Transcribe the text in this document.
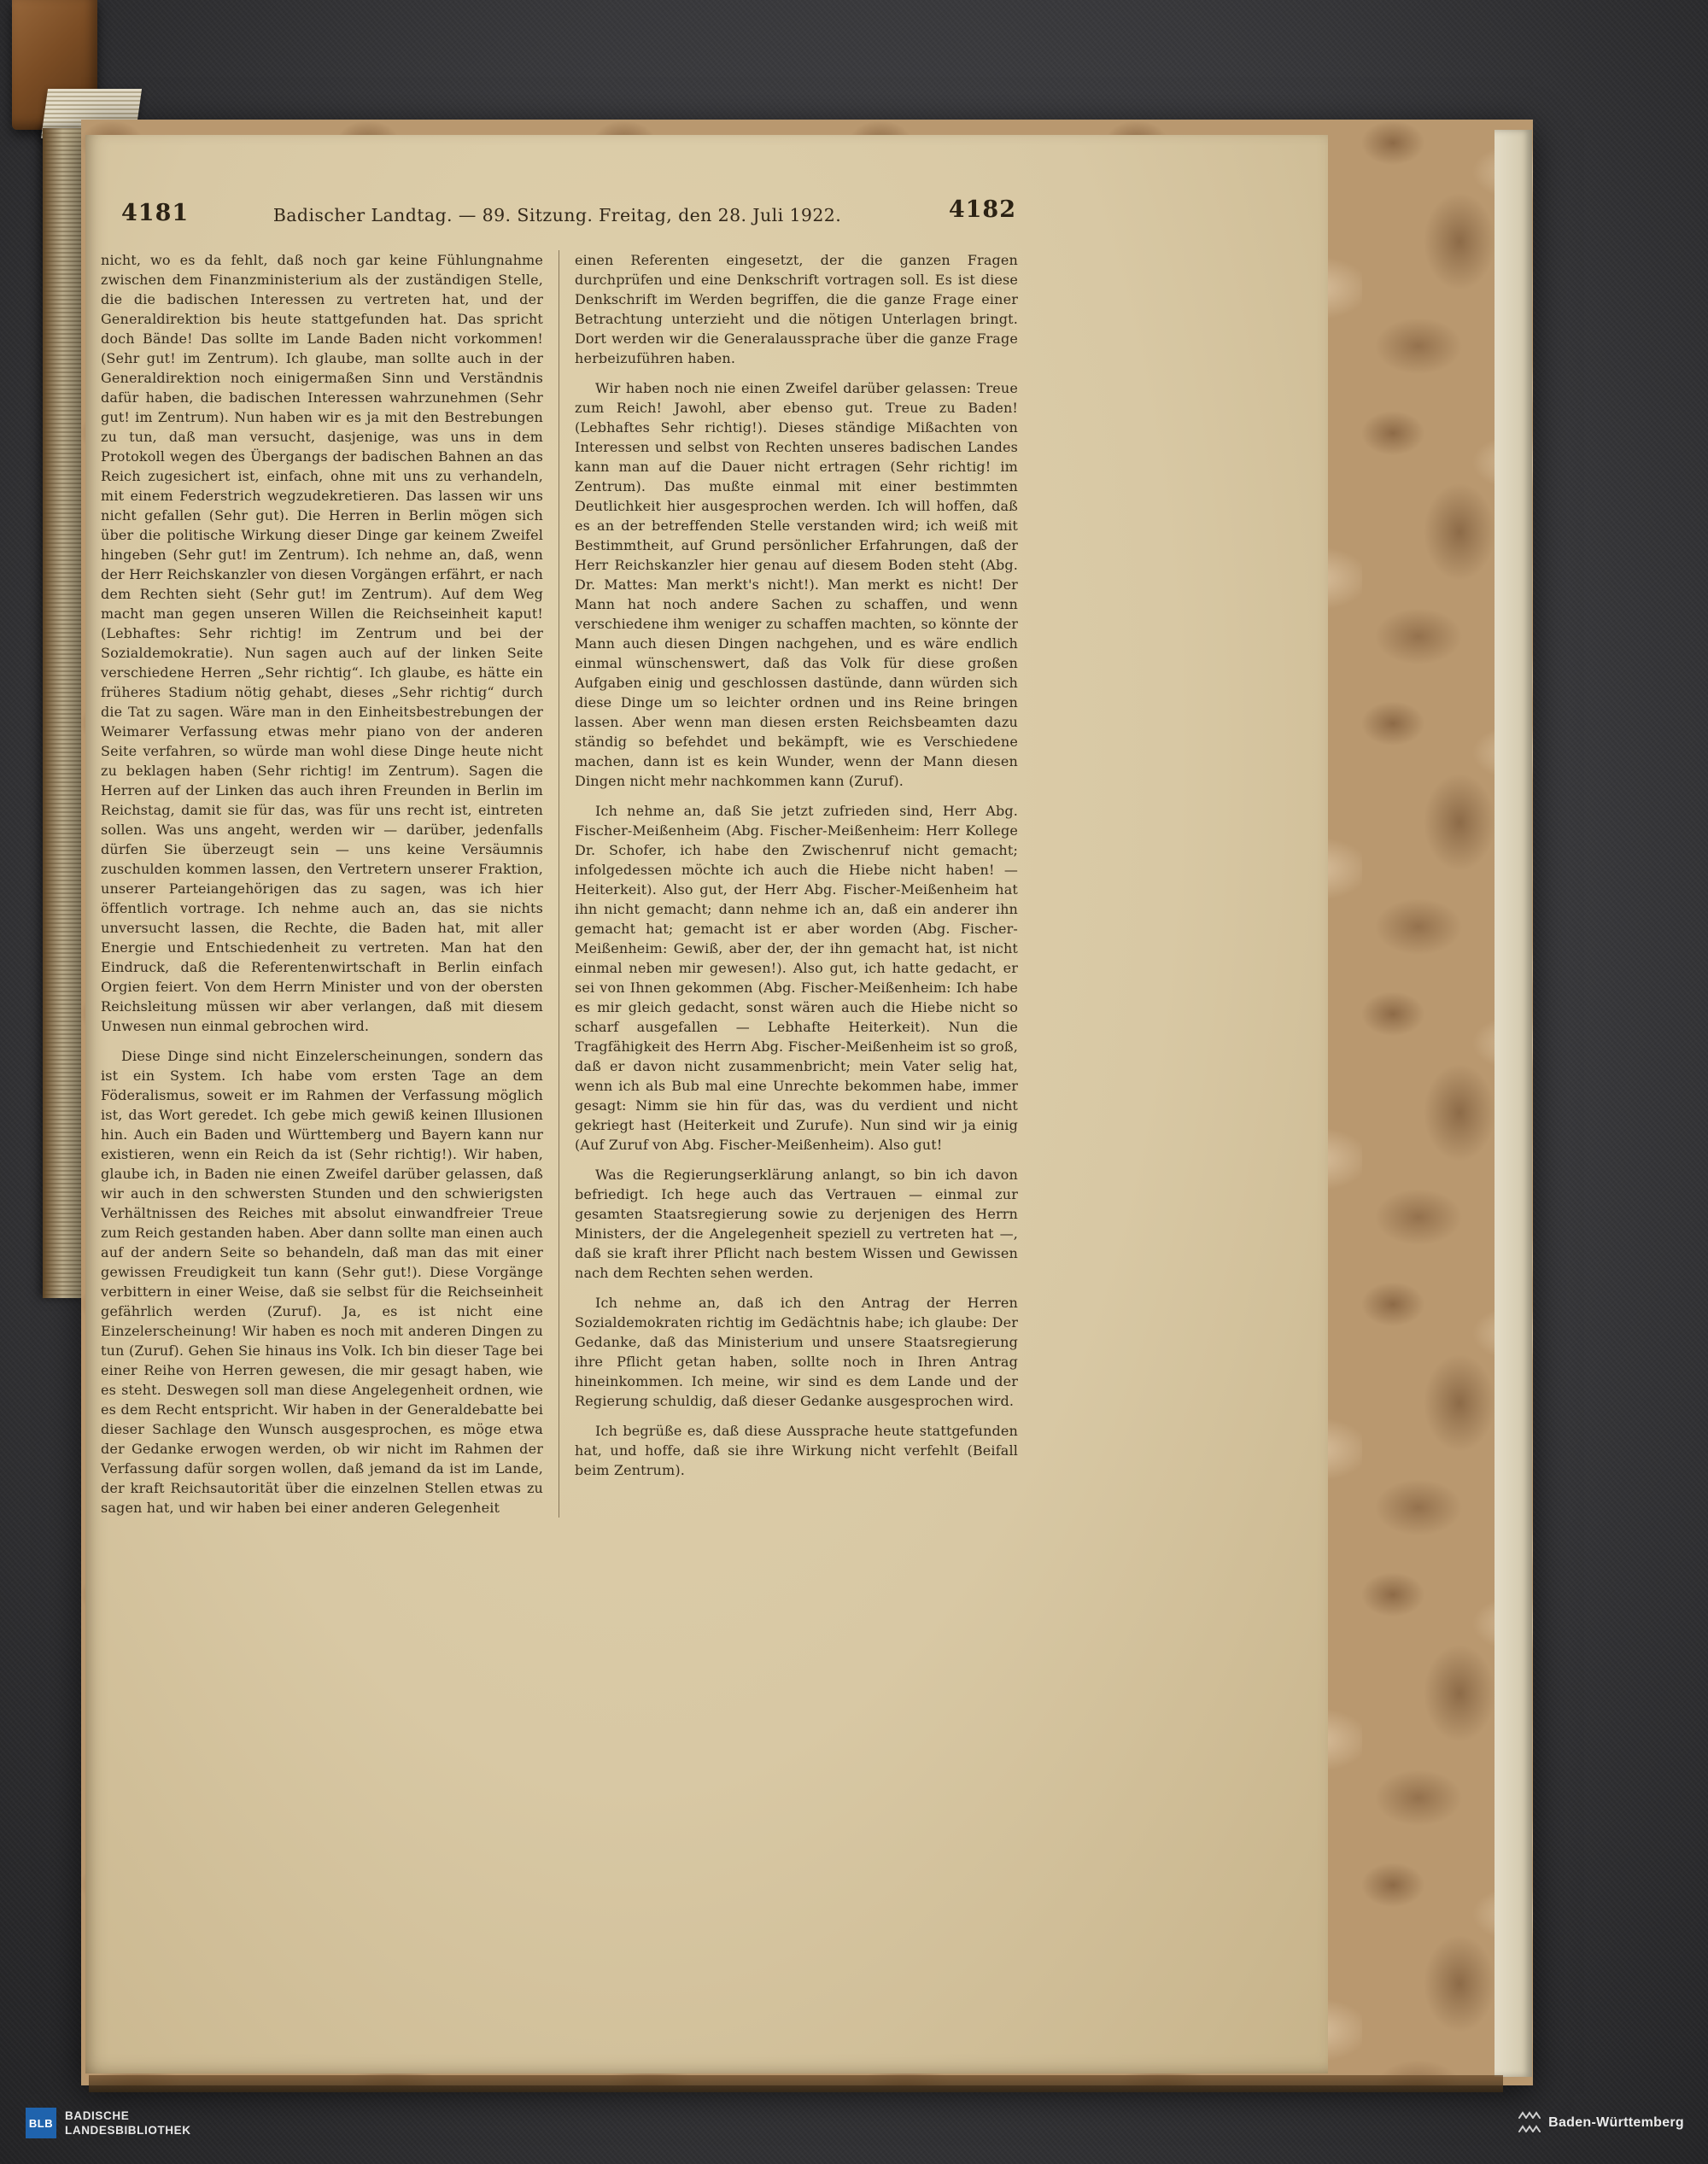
4181	Badischer Landtag. — 89. Sitzung. Freitag, den 28. Juli 1922.	4182

nicht, wo es da fehlt, daß noch gar keine Fühlungnahme zwischen dem Finanzministerium als der zuständigen Stelle, die die badischen Interessen zu vertreten hat, und der Generaldirektion bis heute stattgefunden hat. Das spricht doch Bände! Das sollte im Lande Baden nicht vorkommen! (Sehr gut! im Zentrum). Ich glaube, man sollte auch in der Generaldirektion noch einigermaßen Sinn und Verständnis dafür haben, die badischen Interessen wahrzunehmen (Sehr gut! im Zentrum). Nun haben wir es ja mit den Bestrebungen zu tun, daß man versucht, dasjenige, was uns in dem Protokoll wegen des Übergangs der badischen Bahnen an das Reich zugesichert ist, einfach, ohne mit uns zu verhandeln, mit einem Federstrich wegzudekretieren. Das lassen wir uns nicht gefallen (Sehr gut). Die Herren in Berlin mögen sich über die politische Wirkung dieser Dinge gar keinem Zweifel hingeben (Sehr gut! im Zentrum). Ich nehme an, daß, wenn der Herr Reichskanzler von diesen Vorgängen erfährt, er nach dem Rechten sieht (Sehr gut! im Zentrum). Auf dem Weg macht man gegen unseren Willen die Reichseinheit kaput! (Lebhaftes: Sehr richtig! im Zentrum und bei der Sozialdemokratie). Nun sagen auch auf der linken Seite verschiedene Herren „Sehr richtig“. Ich glaube, es hätte ein früheres Stadium nötig gehabt, dieses „Sehr richtig“ durch die Tat zu sagen. Wäre man in den Einheitsbestrebungen der Weimarer Verfassung etwas mehr piano von der anderen Seite verfahren, so würde man wohl diese Dinge heute nicht zu beklagen haben (Sehr richtig! im Zentrum). Sagen die Herren auf der Linken das auch ihren Freunden in Berlin im Reichstag, damit sie für das, was für uns recht ist, eintreten sollen. Was uns angeht, werden wir — darüber, jedenfalls dürfen Sie überzeugt sein — uns keine Versäumnis zuschulden kommen lassen, den Vertretern unserer Fraktion, unserer Parteiangehörigen das zu sagen, was ich hier öffentlich vortrage. Ich nehme auch an, das sie nichts unversucht lassen, die Rechte, die Baden hat, mit aller Energie und Entschiedenheit zu vertreten. Man hat den Eindruck, daß die Referentenwirtschaft in Berlin einfach Orgien feiert. Von dem Herrn Minister und von der obersten Reichsleitung müssen wir aber verlangen, daß mit diesem Unwesen nun einmal gebrochen wird.

Diese Dinge sind nicht Einzelerscheinungen, sondern das ist ein System. Ich habe vom ersten Tage an dem Föderalismus, soweit er im Rahmen der Verfassung möglich ist, das Wort geredet. Ich gebe mich gewiß keinen Illusionen hin. Auch ein Baden und Württemberg und Bayern kann nur existieren, wenn ein Reich da ist (Sehr richtig!). Wir haben, glaube ich, in Baden nie einen Zweifel darüber gelassen, daß wir auch in den schwersten Stunden und den schwierigsten Verhältnissen des Reiches mit absolut einwandfreier Treue zum Reich gestanden haben. Aber dann sollte man einen auch auf der andern Seite so behandeln, daß man das mit einer gewissen Freudigkeit tun kann (Sehr gut!). Diese Vorgänge verbittern in einer Weise, daß sie selbst für die Reichseinheit gefährlich werden (Zuruf). Ja, es ist nicht eine Einzelerscheinung! Wir haben es noch mit anderen Dingen zu tun (Zuruf). Gehen Sie hinaus ins Volk. Ich bin dieser Tage bei einer Reihe von Herren gewesen, die mir gesagt haben, wie es steht. Deswegen soll man diese Angelegenheit ordnen, wie es dem Recht entspricht. Wir haben in der Generaldebatte bei dieser Sachlage den Wunsch ausgesprochen, es möge etwa der Gedanke erwogen werden, ob wir nicht im Rahmen der Verfassung dafür sorgen wollen, daß jemand da ist im Lande, der kraft Reichsautorität über die einzelnen Stellen etwas zu sagen hat, und wir haben bei einer anderen Gelegenheit

einen Referenten eingesetzt, der die ganzen Fragen durchprüfen und eine Denkschrift vortragen soll. Es ist diese Denkschrift im Werden begriffen, die die ganze Frage einer Betrachtung unterzieht und die nötigen Unterlagen bringt. Dort werden wir die Generalaussprache über die ganze Frage herbeizuführen haben.

Wir haben noch nie einen Zweifel darüber gelassen: Treue zum Reich! Jawohl, aber ebenso gut. Treue zu Baden! (Lebhaftes Sehr richtig!). Dieses ständige Mißachten von Interessen und selbst von Rechten unseres badischen Landes kann man auf die Dauer nicht ertragen (Sehr richtig! im Zentrum). Das mußte einmal mit einer bestimmten Deutlichkeit hier ausgesprochen werden. Ich will hoffen, daß es an der betreffenden Stelle verstanden wird; ich weiß mit Bestimmtheit, auf Grund persönlicher Erfahrungen, daß der Herr Reichskanzler hier genau auf diesem Boden steht (Abg. Dr. Mattes: Man merkt's nicht!). Man merkt es nicht! Der Mann hat noch andere Sachen zu schaffen, und wenn verschiedene ihm weniger zu schaffen machten, so könnte der Mann auch diesen Dingen nachgehen, und es wäre endlich einmal wünschenswert, daß das Volk für diese großen Aufgaben einig und geschlossen dastünde, dann würden sich diese Dinge um so leichter ordnen und ins Reine bringen lassen. Aber wenn man diesen ersten Reichsbeamten dazu ständig so befehdet und bekämpft, wie es Verschiedene machen, dann ist es kein Wunder, wenn der Mann diesen Dingen nicht mehr nachkommen kann (Zuruf).

Ich nehme an, daß Sie jetzt zufrieden sind, Herr Abg. Fischer-Meißenheim (Abg. Fischer-Meißenheim: Herr Kollege Dr. Schofer, ich habe den Zwischenruf nicht gemacht; infolgedessen möchte ich auch die Hiebe nicht haben! — Heiterkeit). Also gut, der Herr Abg. Fischer-Meißenheim hat ihn nicht gemacht; dann nehme ich an, daß ein anderer ihn gemacht hat; gemacht ist er aber worden (Abg. Fischer-Meißenheim: Gewiß, aber der, der ihn gemacht hat, ist nicht einmal neben mir gewesen!). Also gut, ich hatte gedacht, er sei von Ihnen gekommen (Abg. Fischer-Meißenheim: Ich habe es mir gleich gedacht, sonst wären auch die Hiebe nicht so scharf ausgefallen — Lebhafte Heiterkeit). Nun die Tragfähigkeit des Herrn Abg. Fischer-Meißenheim ist so groß, daß er davon nicht zusammenbricht; mein Vater selig hat, wenn ich als Bub mal eine Unrechte bekommen habe, immer gesagt: Nimm sie hin für das, was du verdient und nicht gekriegt hast (Heiterkeit und Zurufe). Nun sind wir ja einig (Auf Zuruf von Abg. Fischer-Meißenheim). Also gut!

Was die Regierungserklärung anlangt, so bin ich davon befriedigt. Ich hege auch das Vertrauen — einmal zur gesamten Staatsregierung sowie zu derjenigen des Herrn Ministers, der die Angelegenheit speziell zu vertreten hat —, daß sie kraft ihrer Pflicht nach bestem Wissen und Gewissen nach dem Rechten sehen werden.

Ich nehme an, daß ich den Antrag der Herren Sozialdemokraten richtig im Gedächtnis habe; ich glaube: Der Gedanke, daß das Ministerium und unsere Staatsregierung ihre Pflicht getan haben, sollte noch in Ihren Antrag hineinkommen. Ich meine, wir sind es dem Lande und der Regierung schuldig, daß dieser Gedanke ausgesprochen wird.

Ich begrüße es, daß diese Aussprache heute stattgefunden hat, und hoffe, daß sie ihre Wirkung nicht verfehlt (Beifall beim Zentrum).

BLB
BADISCHE
LANDESBIBLIOTHEK
Baden-Württemberg
